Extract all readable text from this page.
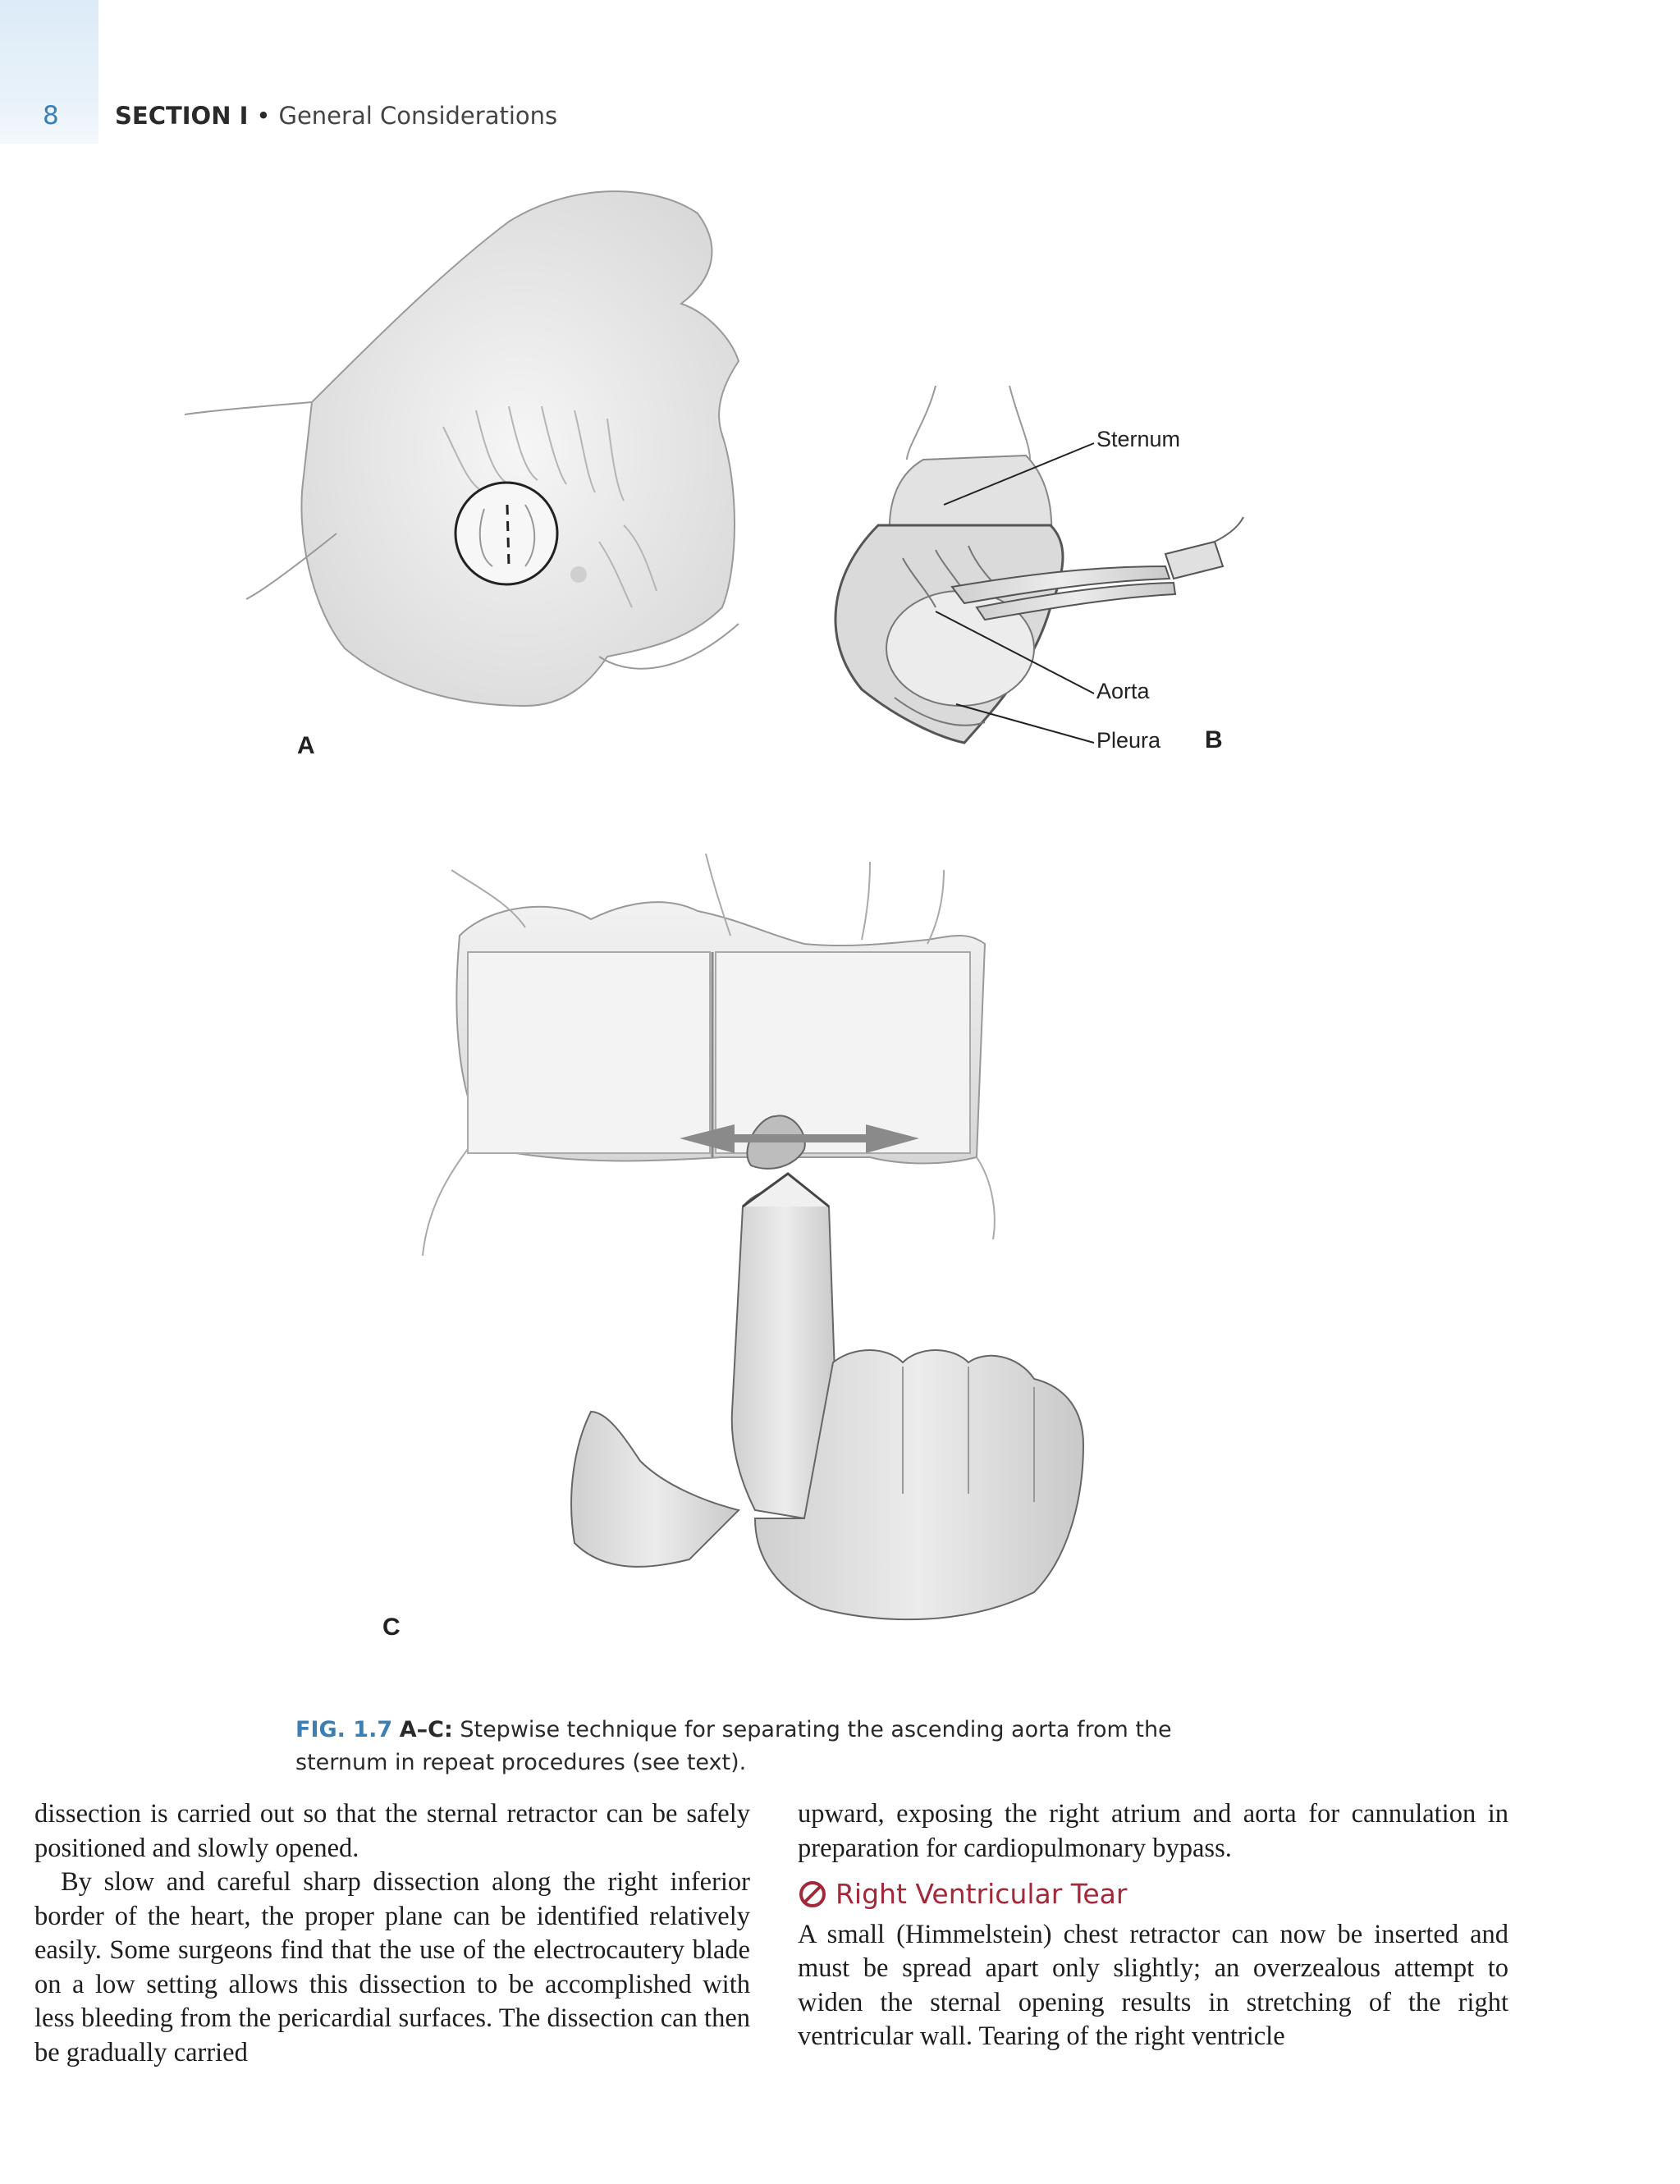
8 SECTION I • General Considerations
Sternum
Aorta
Pleura
A	B
C
FIG. 1.7 A–C: Stepwise technique for separating the ascending aorta from the sternum in repeat procedures (see text).

dissection is carried out so that the sternal retractor can be safely positioned and slowly opened.

By slow and careful sharp dissection along the right inferior border of the heart, the proper plane can be identified relatively easily. Some surgeons find that the use of the electrocautery blade on a low setting allows this dissection to be accomplished with less bleeding from the pericardial surfaces. The dissection can then be gradually carried

upward, exposing the right atrium and aorta for cannulation in preparation for cardiopulmonary bypass.

Right Ventricular Tear

A small (Himmelstein) chest retractor can now be inserted and must be spread apart only slightly; an overzealous attempt to widen the sternal opening results in stretching of the right ventricular wall. Tearing of the right ventricle
